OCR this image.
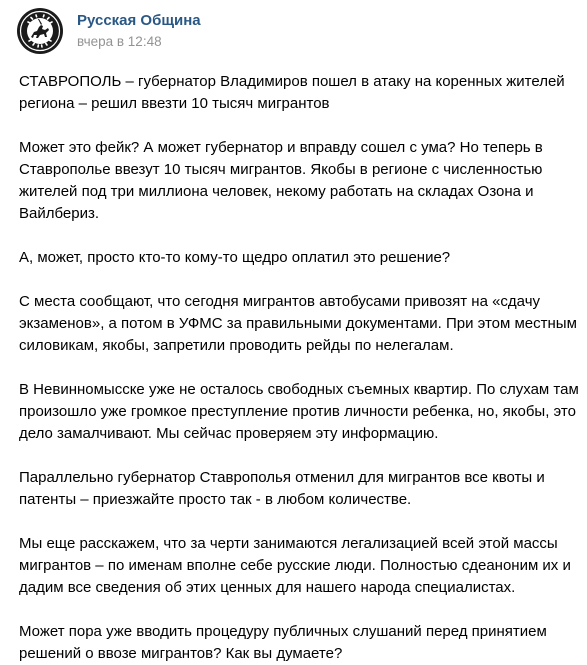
Русская Община
вчера в 12:48

СТАВРОПОЛЬ – губернатор Владимиров пошел в атаку на коренных жителей региона – решил ввезти 10 тысяч мигрантов

Может это фейк? А может губернатор и вправду сошел с ума? Но теперь в Ставрополье ввезут 10 тысяч мигрантов. Якобы в регионе с численностью жителей под три миллиона человек, некому работать на складах Озона и Вайлбериз.

А, может, просто кто-то кому-то щедро оплатил это решение?

С места сообщают, что сегодня мигрантов автобусами привозят на «сдачу экзаменов», а потом в УФМС за правильными документами. При этом местным силовикам, якобы, запретили проводить рейды по нелегалам.

В Невинномысске уже не осталось свободных съемных квартир. По слухам там произошло уже громкое преступление против личности ребенка, но, якобы, это дело замалчивают. Мы сейчас проверяем эту информацию.

Параллельно губернатор Ставрополья отменил для мигрантов все квоты и патенты – приезжайте просто так - в любом количестве.

Мы еще расскажем, что за черти занимаются легализацией всей этой массы мигрантов – по именам вполне себе русские люди. Полностью сдеаноним их и дадим все сведения об этих ценных для нашего народа специалистах.

Может пора уже вводить процедуру публичных слушаний перед принятием решений о ввозе мигрантов? Как вы думаете?
